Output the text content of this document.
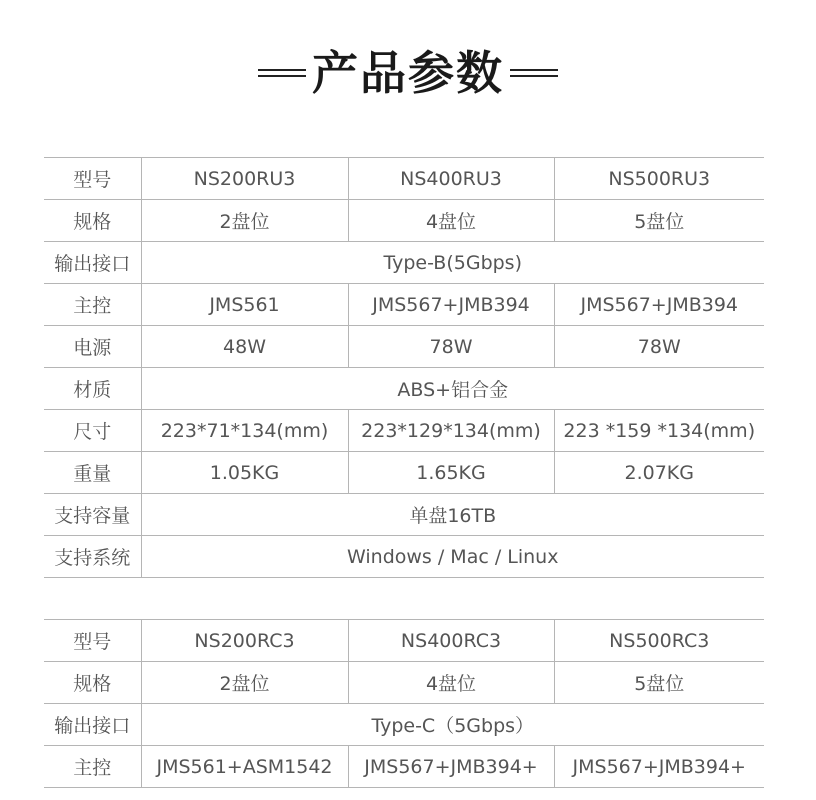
产品参数
型号	NS200RU3	NS400RU3	NS500RU3
规格	2盘位	4盘位	5盘位
输出接口	Type-B(5Gbps)		
主控	JMS561	JMS567+JMB394	JMS567+JMB394
电源	48W	78W	78W
材质	ABS+铝合金		
尺寸	223*71*134(mm)	223*129*134(mm)	223 *159 *134(mm)
重量	1.05KG	1.65KG	2.07KG
支持容量	单盘16TB		
支持系统	Windows / Mac / Linux		
型号	NS200RC3	NS400RC3	NS500RC3
规格	2盘位	4盘位	5盘位
输出接口	Type-C（5Gbps）		
主控	JMS561+ASM1542	JMS567+JMB394+	JMS567+JMB394+
